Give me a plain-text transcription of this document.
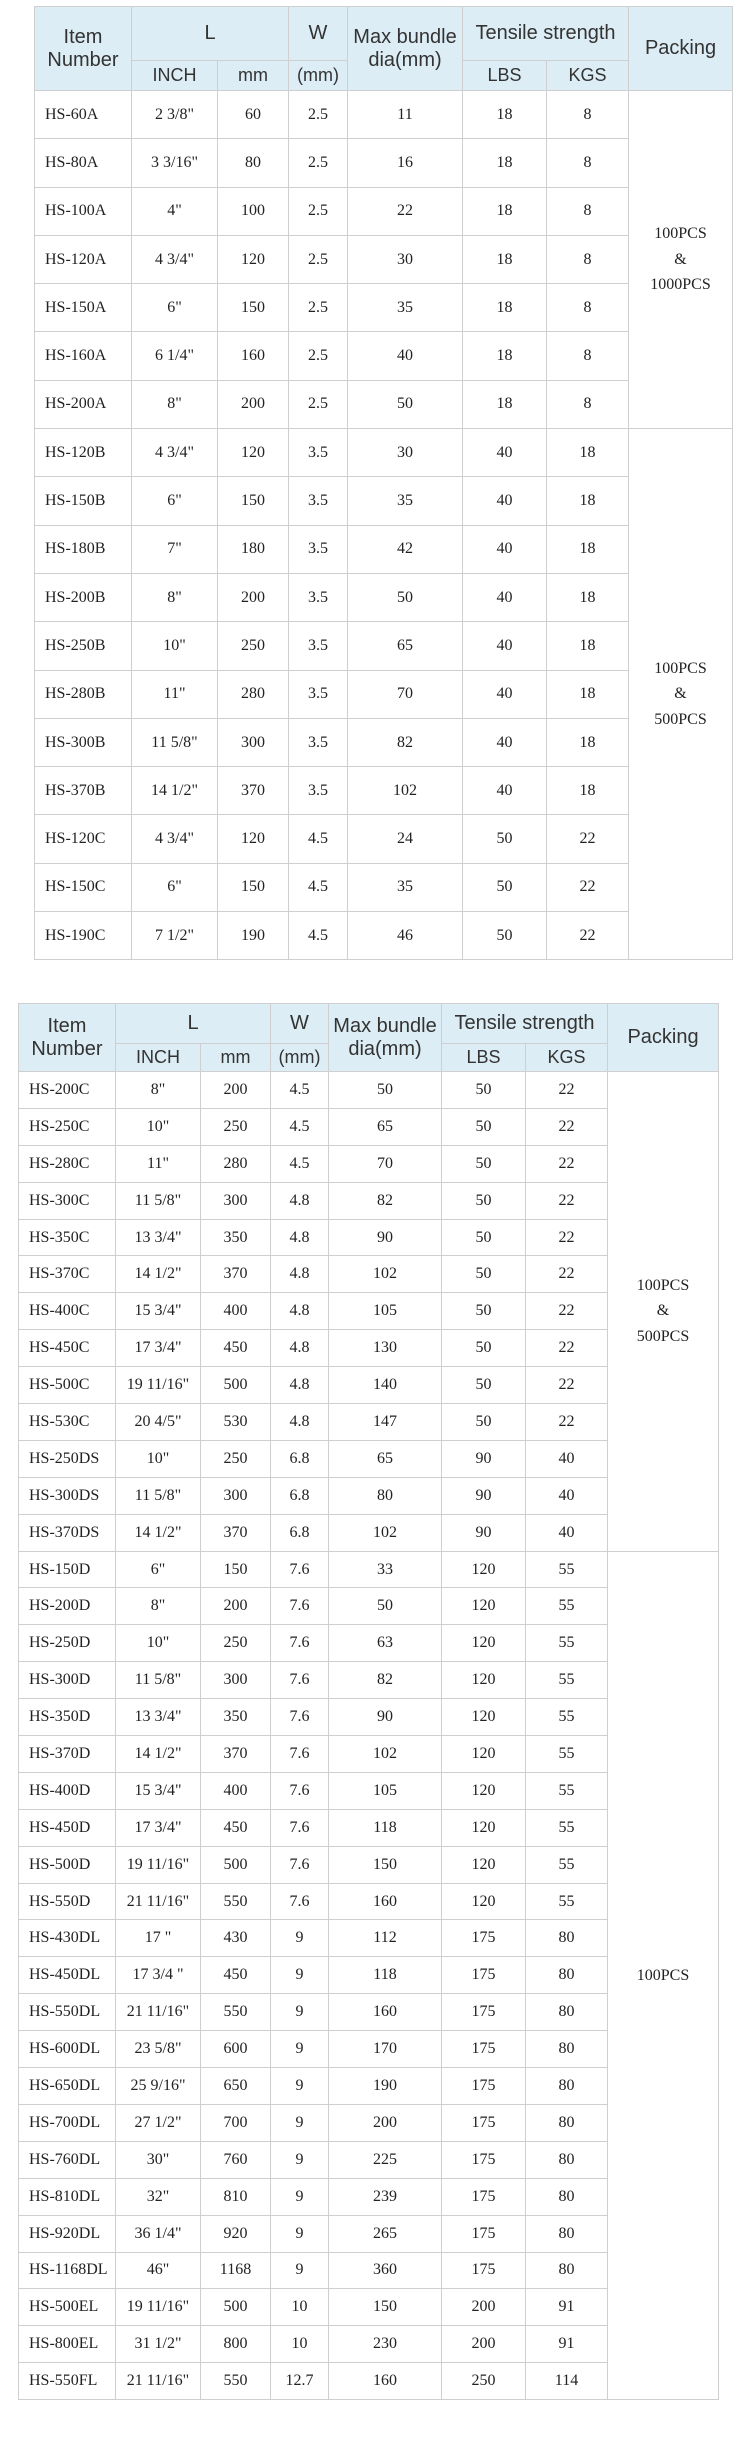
Item Number	L		W	Max bundle dia(mm)	Tensile strength		Packing
	INCH	mm	(mm)		LBS	KGS	
HS-60A	2 3/8"	60	2.5	11	18	8	100PCS
&
1000PCS

HS-80A	3 3/16"	80	2.5	16	18	8	
HS-100A	4"	100	2.5	22	18	8	
HS-120A	4 3/4"	120	2.5	30	18	8	
HS-150A	6"	150	2.5	35	18	8	
HS-160A	6 1/4"	160	2.5	40	18	8	
HS-200A	8"	200	2.5	50	18	8	
HS-120B	4 3/4"	120	3.5	30	40	18	100PCS
&
500PCS

HS-150B	6"	150	3.5	35	40	18	
HS-180B	7"	180	3.5	42	40	18	
HS-200B	8"	200	3.5	50	40	18	
HS-250B	10"	250	3.5	65	40	18	
HS-280B	11"	280	3.5	70	40	18	
HS-300B	11 5/8"	300	3.5	82	40	18	
HS-370B	14 1/2"	370	3.5	102	40	18	
HS-120C	4 3/4"	120	4.5	24	50	22	
HS-150C	6"	150	4.5	35	50	22	
HS-190C	7 1/2"	190	4.5	46	50	22	
Item Number	L		W	Max bundle dia(mm)	Tensile strength		Packing
	INCH	mm	(mm)		LBS	KGS	
HS-200C	8"	200	4.5	50	50	22	100PCS
&
500PCS

HS-250C	10"	250	4.5	65	50	22	
HS-280C	11"	280	4.5	70	50	22	
HS-300C	11 5/8"	300	4.8	82	50	22	
HS-350C	13 3/4"	350	4.8	90	50	22	
HS-370C	14 1/2"	370	4.8	102	50	22	
HS-400C	15 3/4"	400	4.8	105	50	22	
HS-450C	17 3/4"	450	4.8	130	50	22	
HS-500C	19 11/16"	500	4.8	140	50	22	
HS-530C	20 4/5"	530	4.8	147	50	22	
HS-250DS	10"	250	6.8	65	90	40	
HS-300DS	11 5/8"	300	6.8	80	90	40	
HS-370DS	14 1/2"	370	6.8	102	90	40	
HS-150D	6"	150	7.6	33	120	55	100PCS

HS-200D	8"	200	7.6	50	120	55	
HS-250D	10"	250	7.6	63	120	55	
HS-300D	11 5/8"	300	7.6	82	120	55	
HS-350D	13 3/4"	350	7.6	90	120	55	
HS-370D	14 1/2"	370	7.6	102	120	55	
HS-400D	15 3/4"	400	7.6	105	120	55	
HS-450D	17 3/4"	450	7.6	118	120	55	
HS-500D	19 11/16"	500	7.6	150	120	55	
HS-550D	21 11/16"	550	7.6	160	120	55	
HS-430DL	17 "	430	9	112	175	80	
HS-450DL	17 3/4 "	450	9	118	175	80	
HS-550DL	21 11/16"	550	9	160	175	80	
HS-600DL	23 5/8"	600	9	170	175	80	
HS-650DL	25 9/16"	650	9	190	175	80	
HS-700DL	27 1/2"	700	9	200	175	80	
HS-760DL	30"	760	9	225	175	80	
HS-810DL	32"	810	9	239	175	80	
HS-920DL	36 1/4"	920	9	265	175	80	
HS-1168DL	46"	1168	9	360	175	80	
HS-500EL	19 11/16"	500	10	150	200	91	
HS-800EL	31 1/2"	800	10	230	200	91	
HS-550FL	21 11/16"	550	12.7	160	250	114	
